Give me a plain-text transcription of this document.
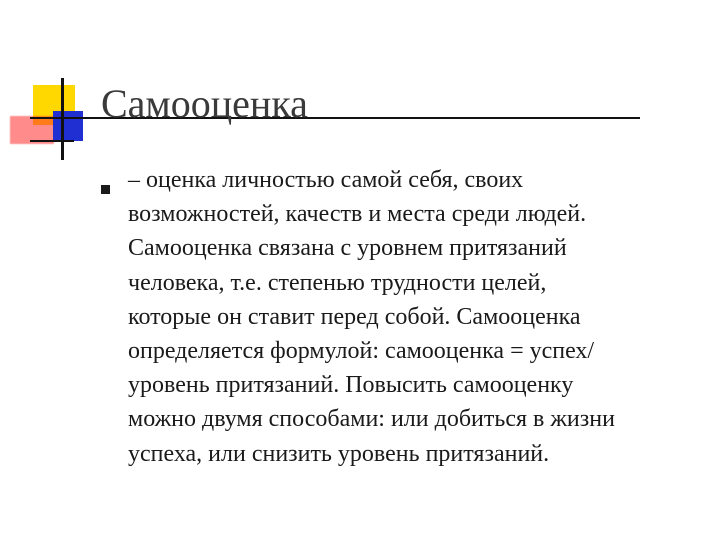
Самооценка

– оценка личностью самой себя, своих
возможностей, качеств и места среди людей.
Самооценка связана с уровнем притязаний
человека, т.е. степенью трудности целей,
которые он ставит перед собой. Самооценка
определяется формулой: самооценка = успех/
уровень притязаний. Повысить самооценку
можно двумя способами: или добиться в жизни
успеха, или снизить уровень притязаний.
